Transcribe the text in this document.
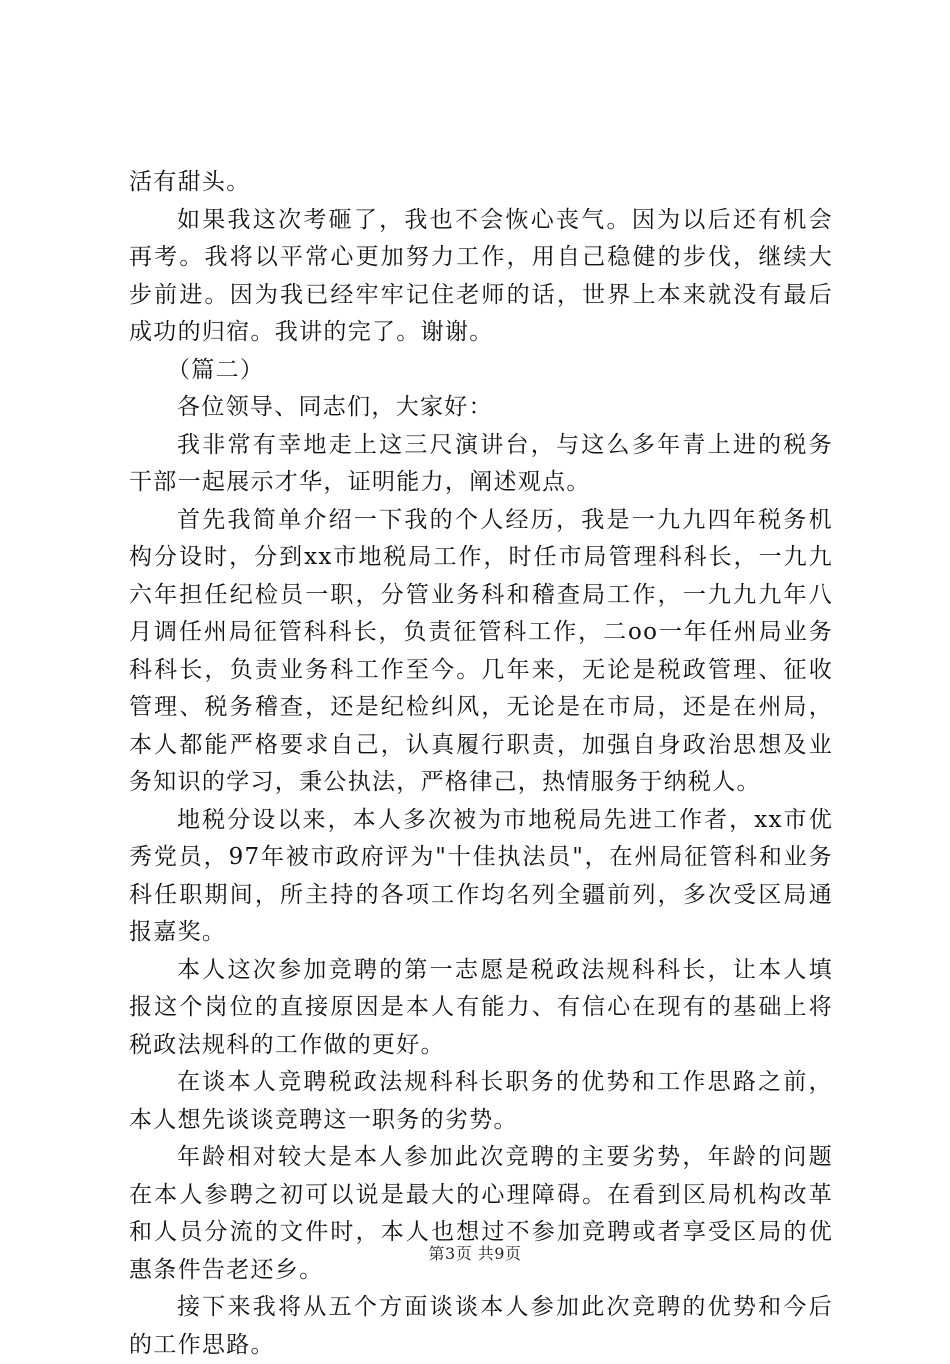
活有甜头。

如果我这次考砸了，我也不会恢心丧气。因为以后还有机会再考。我将以平常心更加努力工作，用自己稳健的步伐，继续大步前进。因为我已经牢牢记住老师的话，世界上本来就没有最后成功的归宿。我讲的完了。谢谢。

（篇二）

各位领导、同志们，大家好：

我非常有幸地走上这三尺演讲台，与这么多年青上进的税务干部一起展示才华，证明能力，阐述观点。

首先我简单介绍一下我的个人经历，我是一九九四年税务机构分设时，分到xx市地税局工作，时任市局管理科科长，一九九六年担任纪检员一职，分管业务科和稽查局工作，一九九九年八月调任州局征管科科长，负责征管科工作，二oo一年任州局业务科科长，负责业务科工作至今。几年来，无论是税政管理、征收管理、税务稽查，还是纪检纠风，无论是在市局，还是在州局，本人都能严格要求自己，认真履行职责，加强自身政治思想及业务知识的学习，秉公执法，严格律己，热情服务于纳税人。

地税分设以来，本人多次被为市地税局先进工作者，xx市优秀党员，97年被市政府评为"十佳执法员"，在州局征管科和业务科任职期间，所主持的各项工作均名列全疆前列，多次受区局通报嘉奖。

本人这次参加竞聘的第一志愿是税政法规科科长，让本人填报这个岗位的直接原因是本人有能力、有信心在现有的基础上将税政法规科的工作做的更好。

在谈本人竞聘税政法规科科长职务的优势和工作思路之前，本人想先谈谈竞聘这一职务的劣势。

年龄相对较大是本人参加此次竞聘的主要劣势，年龄的问题在本人参聘之初可以说是最大的心理障碍。在看到区局机构改革和人员分流的文件时，本人也想过不参加竞聘或者享受区局的优惠条件告老还乡。

接下来我将从五个方面谈谈本人参加此次竞聘的优势和今后的工作思路。

第3页 共9页
